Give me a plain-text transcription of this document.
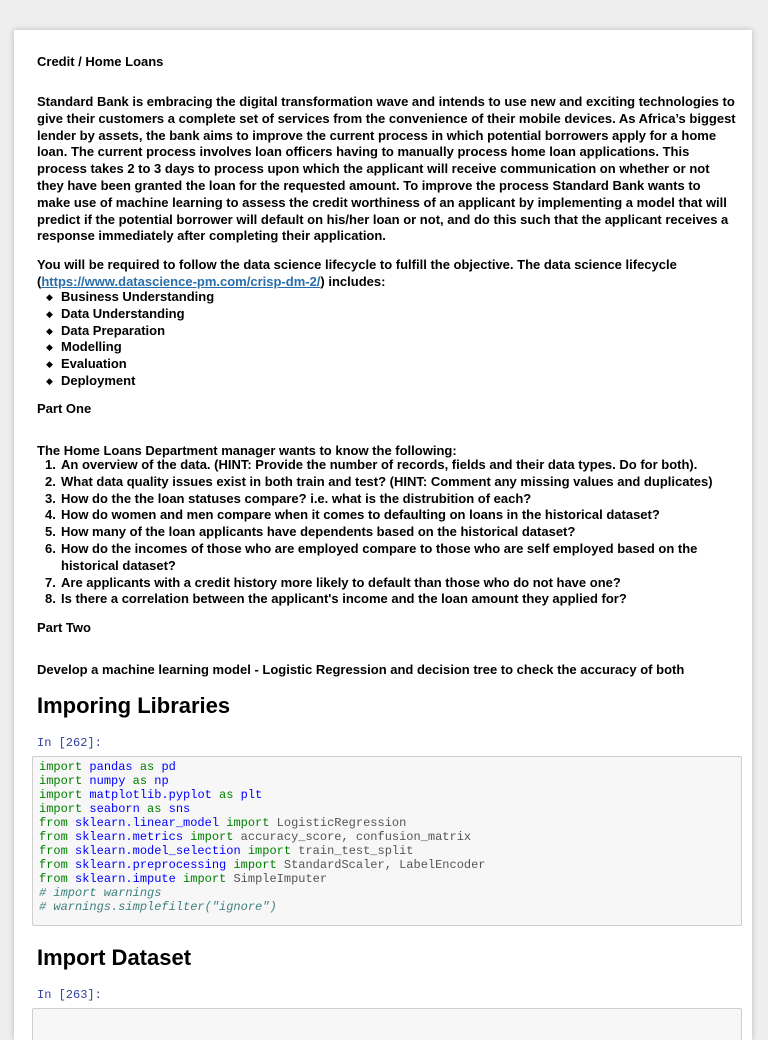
Credit / Home Loans

Standard Bank is embracing the digital transformation wave and intends to use new and exciting technologies to give their customers a complete set of services from the convenience of their mobile devices. As Africa’s biggest lender by assets, the bank aims to improve the current process in which potential borrowers apply for a home loan. The current process involves loan officers having to manually process home loan applications. This process takes 2 to 3 days to process upon which the applicant will receive communication on whether or not they have been granted the loan for the requested amount. To improve the process Standard Bank wants to make use of machine learning to assess the credit worthiness of an applicant by implementing a model that will predict if the potential borrower will default on his/her loan or not, and do this such that the applicant receives a response immediately after completing their application.

You will be required to follow the data science lifecycle to fulfill the objective. The data science lifecycle (https://www.datascience-pm.com/crisp-dm-2/) includes:

◆ Business Understanding
◆ Data Understanding
◆ Data Preparation
◆ Modelling
◆ Evaluation
◆ Deployment
Part One

The Home Loans Department manager wants to know the following:

1. An overview of the data. (HINT: Provide the number of records, fields and their data types. Do for both).
2. What data quality issues exist in both train and test? (HINT: Comment any missing values and duplicates)
3. How do the the loan statuses compare? i.e. what is the distrubition of each?
4. How do women and men compare when it comes to defaulting on loans in the historical dataset?
5. How many of the loan applicants have dependents based on the historical dataset?
6. How do the incomes of those who are employed compare to those who are self employed based on the historical dataset?
7. Are applicants with a credit history more likely to default than those who do not have one?
8. Is there a correlation between the applicant's income and the loan amount they applied for?
Part Two

Develop a machine learning model - Logistic Regression and decision tree to check the accuracy of both

Imporing Libraries
In [262]:
import pandas as pd
import numpy as np
import matplotlib.pyplot as plt
import seaborn as sns
from sklearn.linear_model import LogisticRegression
from sklearn.metrics import accuracy_score, confusion_matrix
from sklearn.model_selection import train_test_split
from sklearn.preprocessing import StandardScaler, LabelEncoder
from sklearn.impute import SimpleImputer
# import warnings
# warnings.simplefilter("ignore")
Import Dataset
In [263]:
